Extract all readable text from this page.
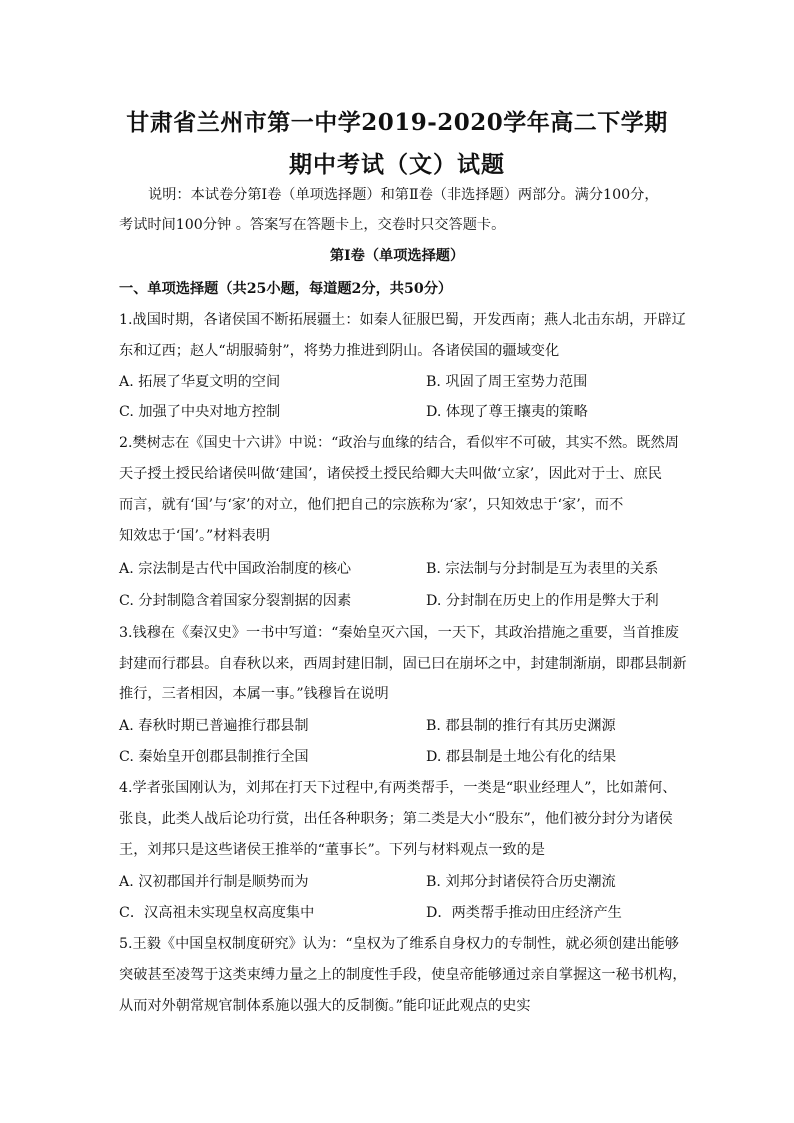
甘肃省兰州市第一中学2019-2020学年高二下学期
期中考试（文）试题
说明：本试卷分第Ⅰ卷（单项选择题）和第Ⅱ卷（非选择题）两部分。满分100分，
考试时间100分钟 。答案写在答题卡上，交卷时只交答题卡。
第Ⅰ卷（单项选择题）
一、单项选择题（共25小题，每道题2分，共50分）
1.战国时期，各诸侯国不断拓展疆土：如秦人征服巴蜀，开发西南；燕人北击东胡，开辟辽
东和辽西；赵人“胡服骑射”，将势力推进到阴山。各诸侯国的疆域变化
A. 拓展了华夏文明的空间	B. 巩固了周王室势力范围
C. 加强了中央对地方控制	D. 体现了尊王攘夷的策略
2.樊树志在《国史十六讲》中说：“政治与血缘的结合，看似牢不可破，其实不然。既然周
天子授土授民给诸侯叫做‘建国’，诸侯授土授民给卿大夫叫做‘立家’，因此对于士、庶民
而言，就有‘国’与‘家’的对立，他们把自己的宗族称为‘家’，只知效忠于‘家’，而不
知效忠于‘国’。”材料表明
A. 宗法制是古代中国政治制度的核心	B. 宗法制与分封制是互为表里的关系
C. 分封制隐含着国家分裂割据的因素	D. 分封制在历史上的作用是弊大于利
3.钱穆在《秦汉史》一书中写道：“秦始皇灭六国，一天下，其政治措施之重要，当首推废
封建而行郡县。自春秋以来，西周封建旧制，固已曰在崩坏之中，封建制渐崩，即郡县制新
推行，三者相因，本属一事。”钱穆旨在说明
A. 春秋时期已普遍推行郡县制	B. 郡县制的推行有其历史渊源
C. 秦始皇开创郡县制推行全国	D. 郡县制是土地公有化的结果
4.学者张国刚认为，刘邦在打天下过程中,有两类帮手，一类是“职业经理人”，比如萧何、
张良，此类人战后论功行赏，出任各种职务；第二类是大小“股东”，他们被分封分为诸侯
王，刘邦只是这些诸侯王推举的“董事长”。下列与材料观点一致的是
A. 汉初郡国并行制是顺势而为	B. 刘邦分封诸侯符合历史潮流
C．汉高祖未实现皇权高度集中	D．两类帮手推动田庄经济产生
5.王毅《中国皇权制度研究》认为：“皇权为了维系自身权力的专制性，就必须创建出能够
突破甚至凌驾于这类束缚力量之上的制度性手段，使皇帝能够通过亲自掌握这一秘书机构，
从而对外朝常规官制体系施以强大的反制衡。”能印证此观点的史实
